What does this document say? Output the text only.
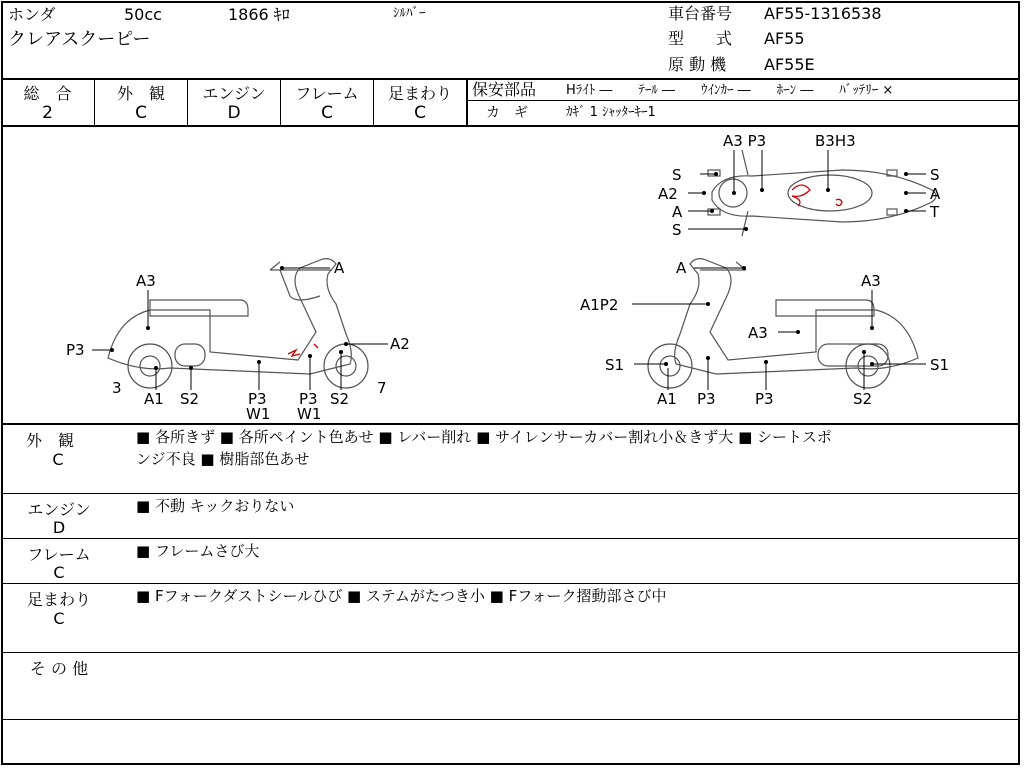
ホンダ	50cc	1866 ｷﾛ	ｼﾙﾊﾞｰ
クレアスクーピー
車台番号 AF55-1316538
型　　式 AF55
原 動 機 AF55E
総　合
2
外　観
C
エンジン
D
フレーム
C
足まわり
C
保安部品 Hﾗｲﾄ ―　　ﾃｰﾙ ―　　ｳｲﾝｶｰ ―　　ﾎｰﾝ ―　　ﾊﾞｯﾃﾘｰ ×
カ　ギ	ｶｷﾞ 1 ｼｬｯﾀｰｷｰ1
A3 P3	B3H3
S
A2
A
S
S
A
T
A
A3
P3	A2
3
A1 S2	P3
W1
P3
W1
S2
7
A
A1P2
A3
A3
S1	S1
A1 P3	P3	S2
外　観
C
■ 各所きず ■ 各所ペイント色あせ ■ レバー削れ ■ サイレンサーカバー割れ小＆きず大 ■ シートスポ
ンジ不良 ■ 樹脂部色あせ
エンジン
D
■ 不動 キックおりない
フレーム
C
■ フレームさび大
足まわり
C
■ Fフォークダストシールひび ■ ステムがたつき小 ■ Fフォーク摺動部さび中
そ の 他
